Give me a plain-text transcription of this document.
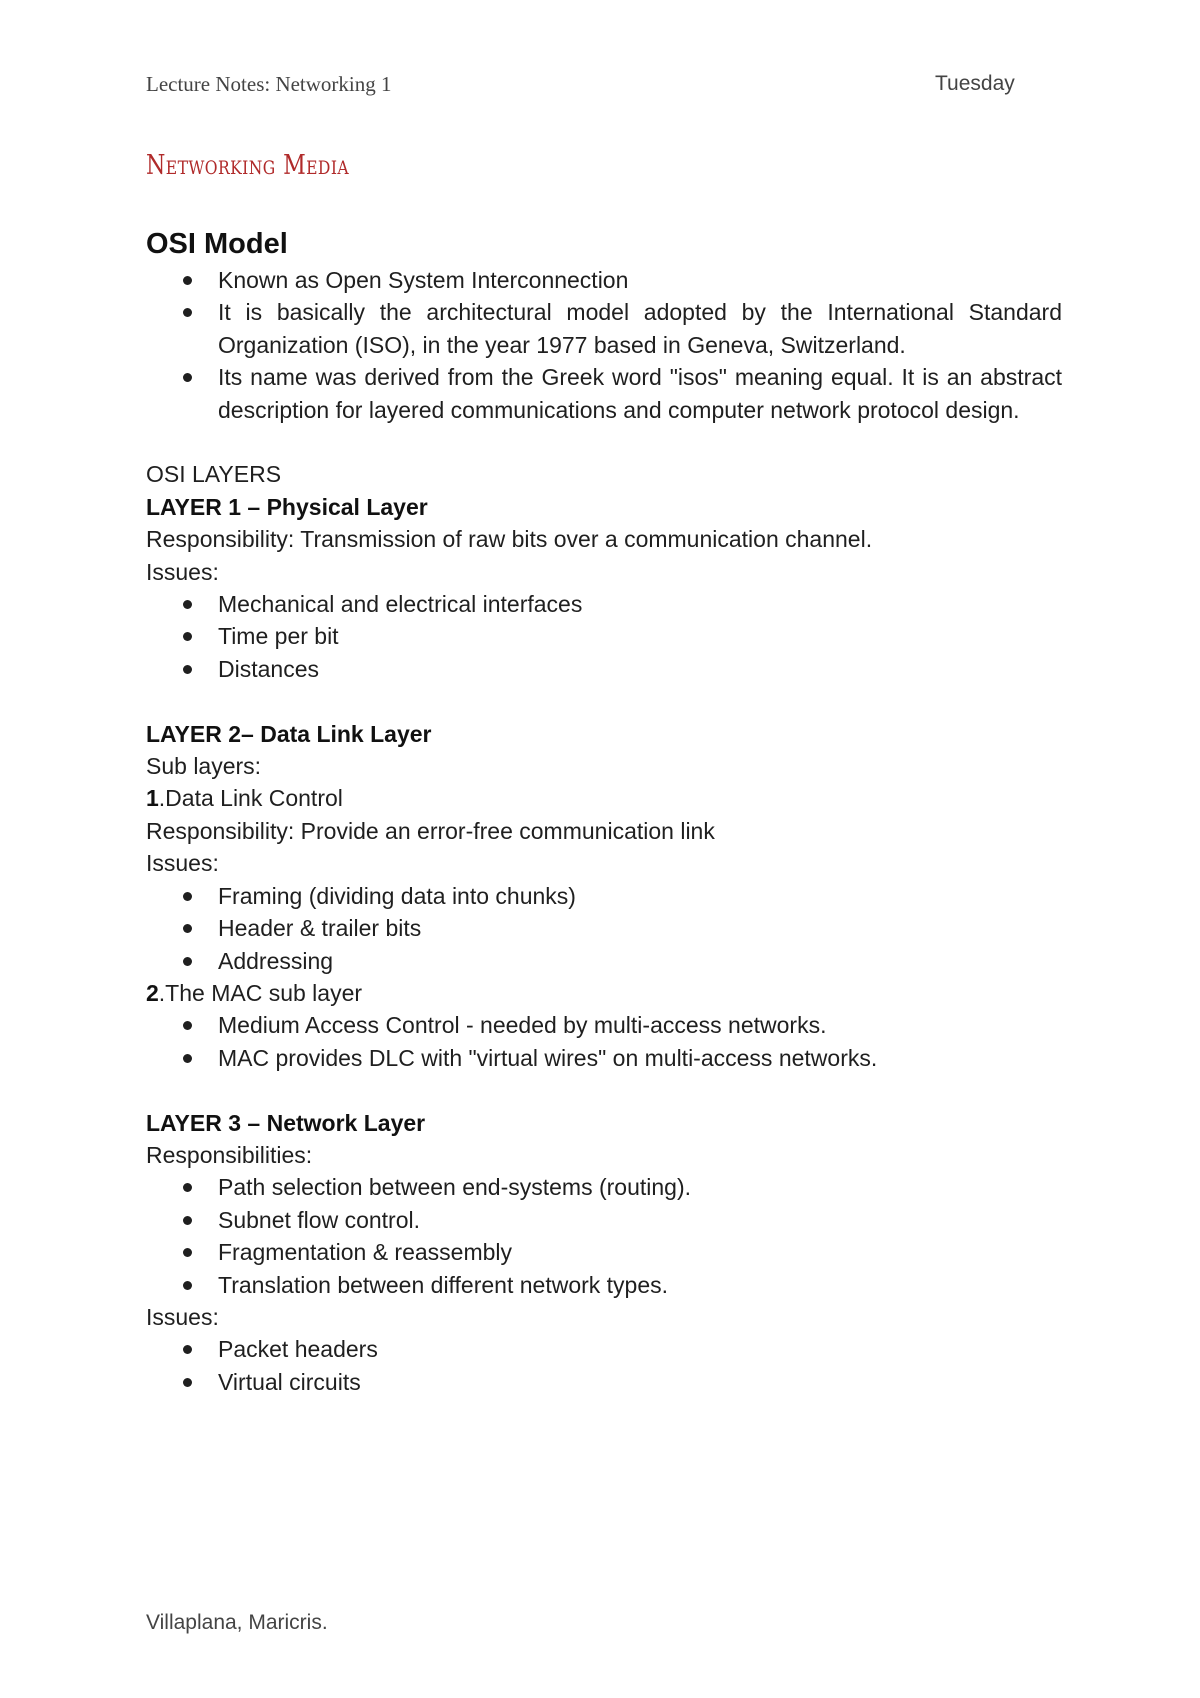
Lecture Notes: Networking 1	Tuesday
Networking Media
OSI Model
Known as Open System Interconnection
It is basically the architectural model adopted by the International Standard Organization (ISO), in the year 1977 based in Geneva, Switzerland.
Its name was derived from the Greek word "isos" meaning equal. It is an abstract description for layered communications and computer network protocol design.

OSI LAYERS

LAYER 1 – Physical Layer

Responsibility: Transmission of raw bits over a communication channel.

Issues:

Mechanical and electrical interfaces
Time per bit
Distances

LAYER 2– Data Link Layer

Sub layers:

1.Data Link Control

Responsibility: Provide an error-free communication link

Issues:

Framing (dividing data into chunks)
Header & trailer bits
Addressing

2.The MAC sub layer

Medium Access Control - needed by multi-access networks.
MAC provides DLC with "virtual wires" on multi-access networks.

LAYER 3 – Network Layer

Responsibilities:

Path selection between end-systems (routing).
Subnet flow control.
Fragmentation & reassembly
Translation between different network types.

Issues:

Packet headers
Virtual circuits
Villaplana, Maricris.
